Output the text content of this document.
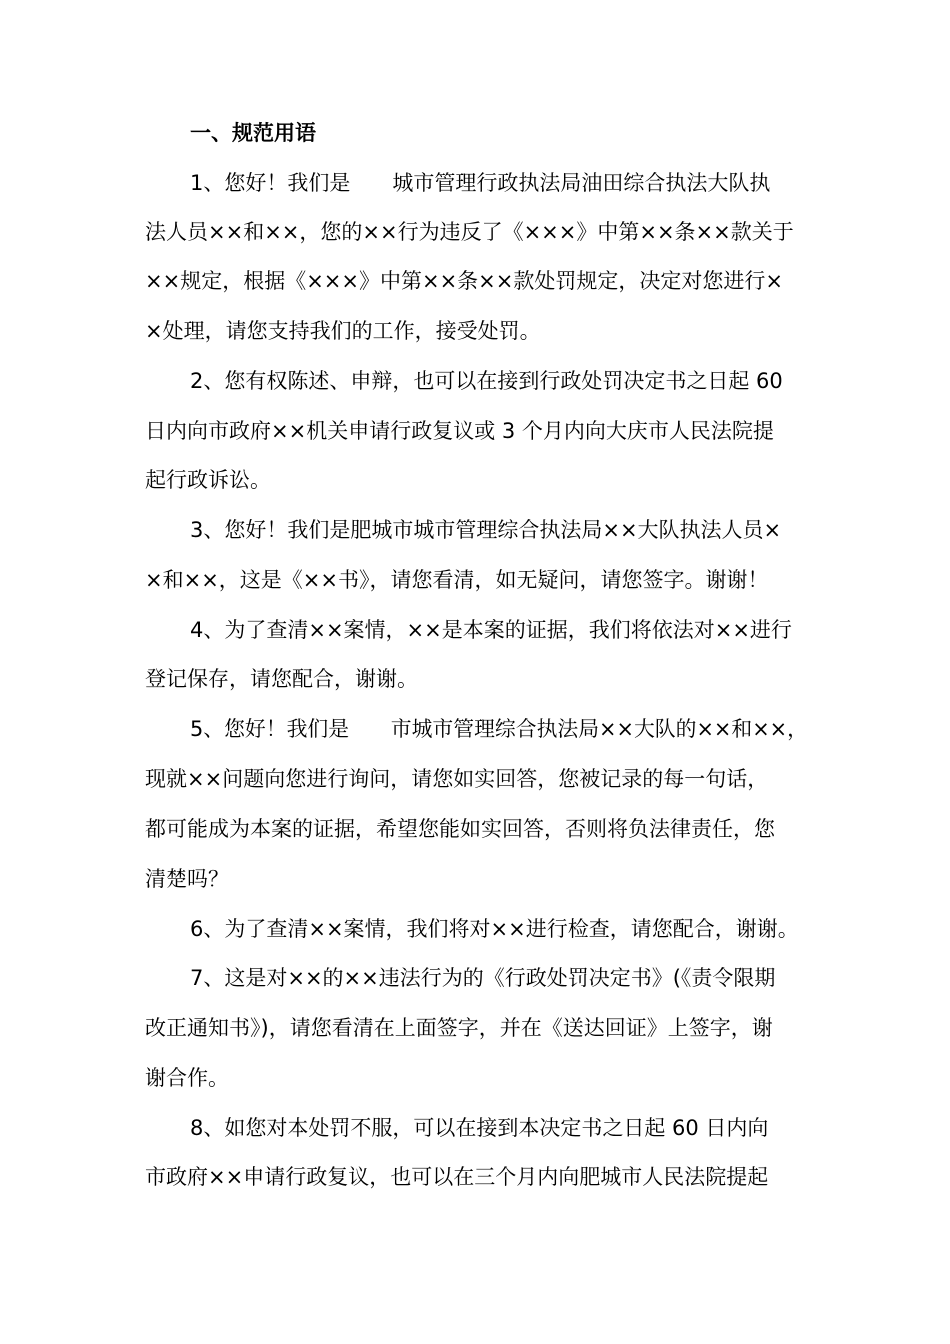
一、规范用语
1、您好！我们是　　城市管理行政执法局油田综合执法大队执
法人员××和××，您的××行为违反了《×××》中第××条××款关于
××规定，根据《×××》中第××条××款处罚规定，决定对您进行×
×处理，请您支持我们的工作，接受处罚。
2、您有权陈述、申辩，也可以在接到行政处罚决定书之日起 60
日内向市政府××机关申请行政复议或 3 个月内向大庆市人民法院提
起行政诉讼。
3、您好！我们是肥城市城市管理综合执法局××大队执法人员×
×和××，这是《××书》，请您看清，如无疑问，请您签字。谢谢！
4、为了查清××案情，××是本案的证据，我们将依法对××进行
登记保存，请您配合，谢谢。
5、您好！我们是　　市城市管理综合执法局××大队的××和××，
现就××问题向您进行询问，请您如实回答，您被记录的每一句话，
都可能成为本案的证据，希望您能如实回答，否则将负法律责任，您
清楚吗？
6、为了查清××案情，我们将对××进行检查，请您配合，谢谢。
7、这是对××的××违法行为的《行政处罚决定书》(《责令限期
改正通知书》)，请您看清在上面签字，并在《送达回证》上签字，谢
谢合作。
8、如您对本处罚不服，可以在接到本决定书之日起 60 日内向
市政府××申请行政复议，也可以在三个月内向肥城市人民法院提起
